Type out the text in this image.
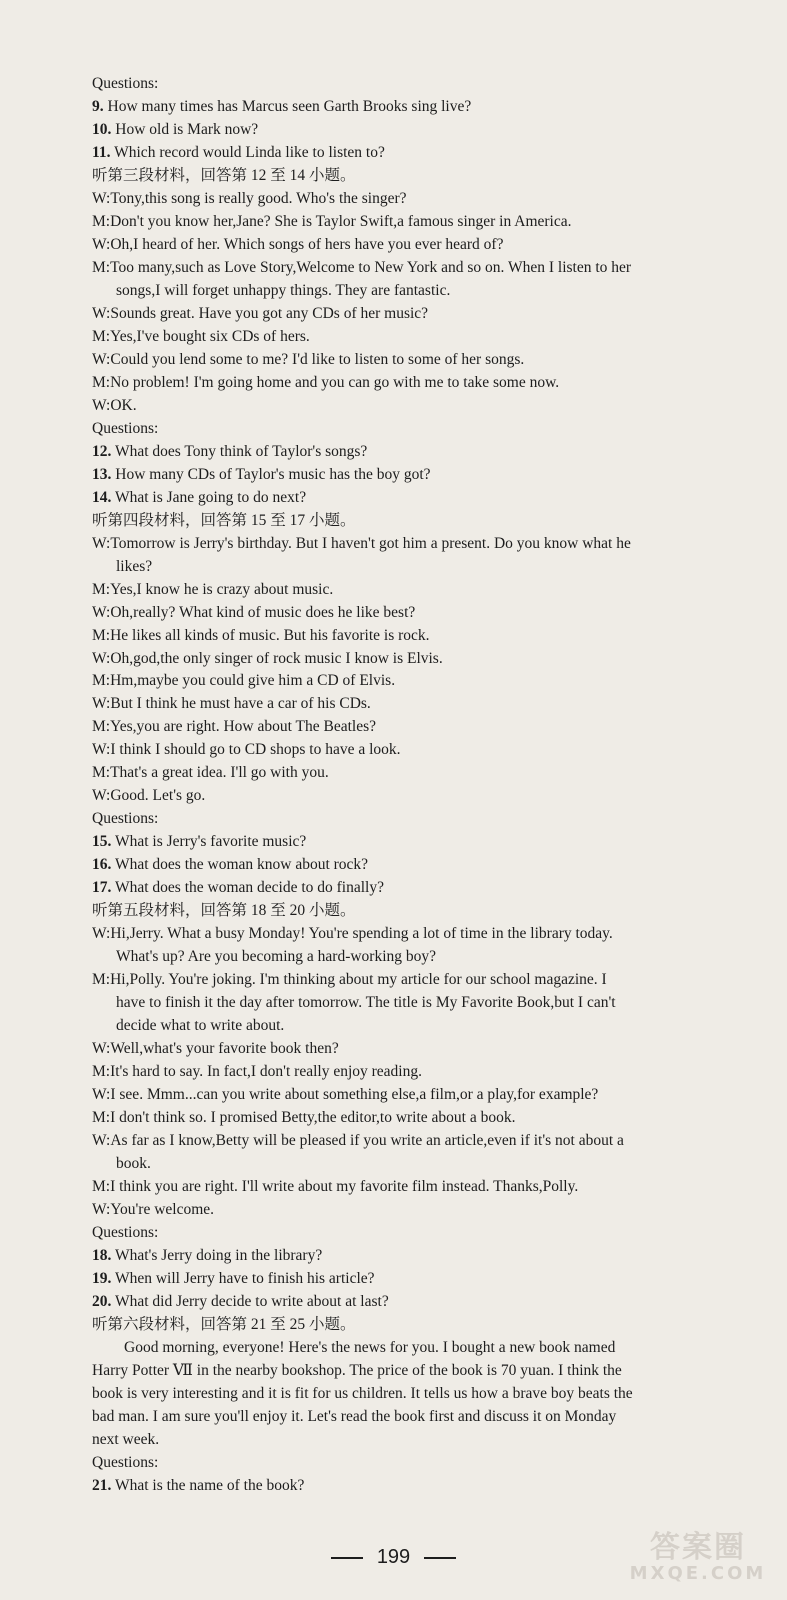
Questions:
9. How many times has Marcus seen Garth Brooks sing live?
10. How old is Mark now?
11. Which record would Linda like to listen to?
听第三段材料，回答第 12 至 14 小题。
W:Tony,this song is really good. Who's the singer?
M:Don't you know her,Jane? She is Taylor Swift,a famous singer in America.
W:Oh,I heard of her. Which songs of hers have you ever heard of?
M:Too many,such as Love Story,Welcome to New York and so on. When I listen to her
songs,I will forget unhappy things. They are fantastic.
W:Sounds great. Have you got any CDs of her music?
M:Yes,I've bought six CDs of hers.
W:Could you lend some to me? I'd like to listen to some of her songs.
M:No problem! I'm going home and you can go with me to take some now.
W:OK.
Questions:
12. What does Tony think of Taylor's songs?
13. How many CDs of Taylor's music has the boy got?
14. What is Jane going to do next?
听第四段材料，回答第 15 至 17 小题。
W:Tomorrow is Jerry's birthday. But I haven't got him a present. Do you know what he
likes?
M:Yes,I know he is crazy about music.
W:Oh,really? What kind of music does he like best?
M:He likes all kinds of music. But his favorite is rock.
W:Oh,god,the only singer of rock music I know is Elvis.
M:Hm,maybe you could give him a CD of Elvis.
W:But I think he must have a car of his CDs.
M:Yes,you are right. How about The Beatles?
W:I think I should go to CD shops to have a look.
M:That's a great idea. I'll go with you.
W:Good. Let's go.
Questions:
15. What is Jerry's favorite music?
16. What does the woman know about rock?
17. What does the woman decide to do finally?
听第五段材料，回答第 18 至 20 小题。
W:Hi,Jerry. What a busy Monday! You're spending a lot of time in the library today.
What's up? Are you becoming a hard-working boy?
M:Hi,Polly. You're joking. I'm thinking about my article for our school magazine. I
have to finish it the day after tomorrow. The title is My Favorite Book,but I can't
decide what to write about.
W:Well,what's your favorite book then?
M:It's hard to say. In fact,I don't really enjoy reading.
W:I see. Mmm...can you write about something else,a film,or a play,for example?
M:I don't think so. I promised Betty,the editor,to write about a book.
W:As far as I know,Betty will be pleased if you write an article,even if it's not about a
book.
M:I think you are right. I'll write about my favorite film instead. Thanks,Polly.
W:You're welcome.
Questions:
18. What's Jerry doing in the library?
19. When will Jerry have to finish his article?
20. What did Jerry decide to write about at last?
听第六段材料，回答第 21 至 25 小题。
Good morning, everyone! Here's the news for you. I bought a new book named
Harry Potter Ⅶ in the nearby bookshop. The price of the book is 70 yuan. I think the
book is very interesting and it is fit for us children. It tells us how a brave boy beats the
bad man. I am sure you'll enjoy it. Let's read the book first and discuss it on Monday
next week.
Questions:
21. What is the name of the book?
199	答案圈
MXQE.COM
